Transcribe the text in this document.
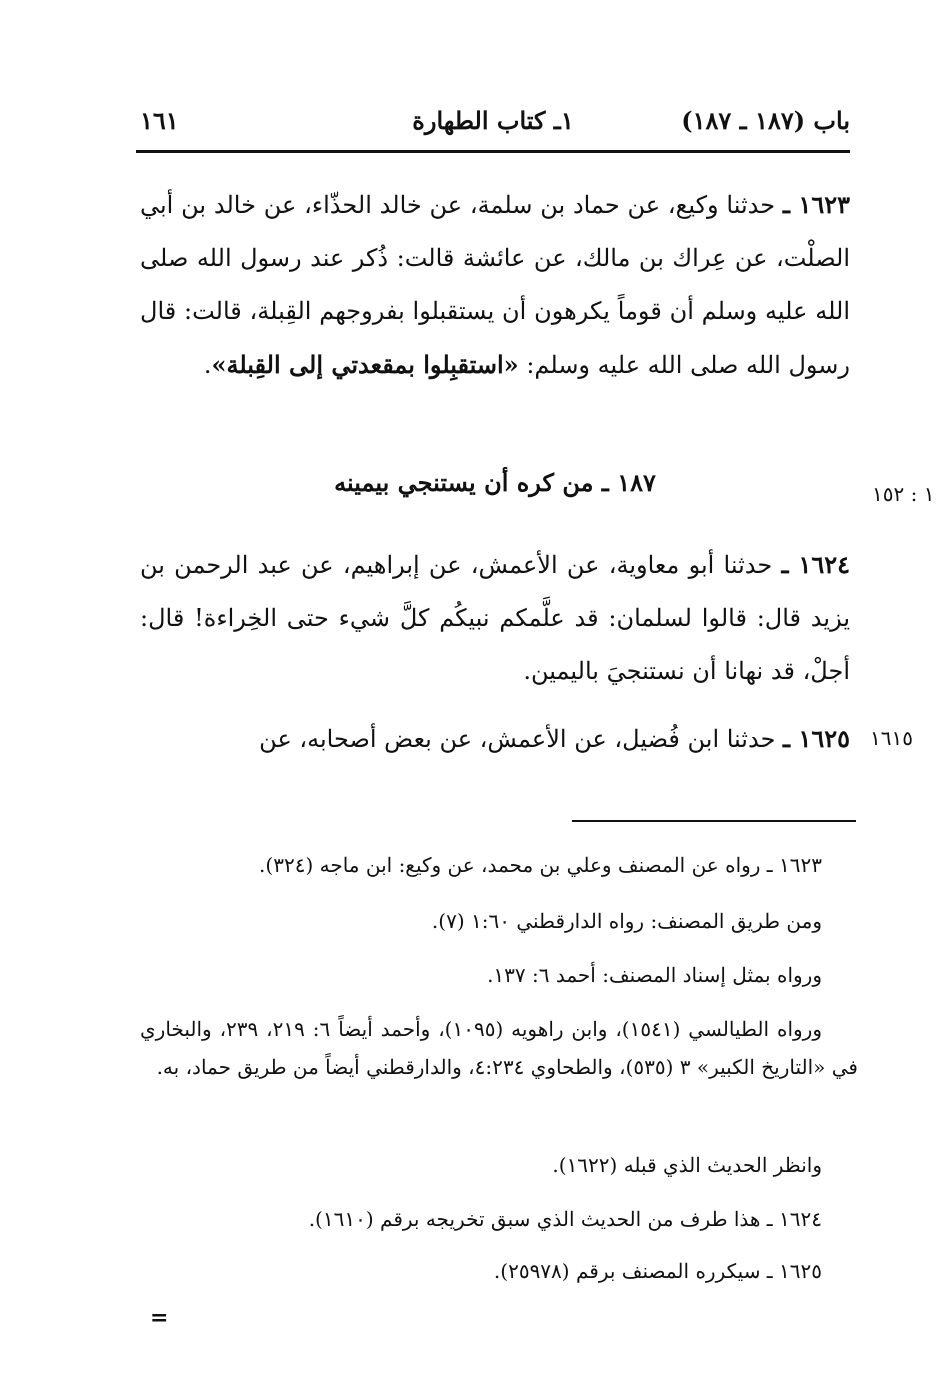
باب (١٨٧ ـ ١٨٧)
١ـ كتاب الطهارة
١٦١
١٦٢٣ ـ حدثنا وكيع، عن حماد بن سلمة، عن خالد الحذّاء، عن خالد بن أبي الصلْت، عن عِراك بن مالك، عن عائشة قالت: ذُكر عند رسول الله صلى الله عليه وسلم أن قوماً يكرهون أن يستقبلوا بفروجهم القِبلة، قالت: قال رسول الله صلى الله عليه وسلم: «استقبِلوا بمقعدتي إلى القِبلة».
١٨٧ ـ من كره أن يستنجي بيمينه	١ : ١٥٢
١٦٢٤ ـ حدثنا أبو معاوية، عن الأعمش، عن إبراهيم، عن عبد الرحمن بن يزيد قال: قالوا لسلمان: قد علَّمكم نبيكُم كلَّ شيء حتى الخِراءة! قال: أجلْ، قد نهانا أن نستنجيَ باليمين.
١٦٢٥ ـ حدثنا ابن فُضيل، عن الأعمش، عن بعض أصحابه، عن	١٦١٥
١٦٢٣ ـ رواه عن المصنف وعلي بن محمد، عن وكيع: ابن ماجه (٣٢٤).
ومن طريق المصنف: رواه الدارقطني ١:٦٠ (٧).
ورواه بمثل إسناد المصنف: أحمد ٦: ١٣٧.
ورواه الطيالسي (١٥٤١)، وابن راهويه (١٠٩٥)، وأحمد أيضاً ٦: ٢١٩، ٢٣٩، والبخاري في «التاريخ الكبير» ٣ (٥٣٥)، والطحاوي ٤:٢٣٤، والدارقطني أيضاً من طريق حماد، به.
وانظر الحديث الذي قبله (١٦٢٢).
١٦٢٤ ـ هذا طرف من الحديث الذي سبق تخريجه برقم (١٦١٠).
١٦٢٥ ـ سيكرره المصنف برقم (٢٥٩٧٨).
=
